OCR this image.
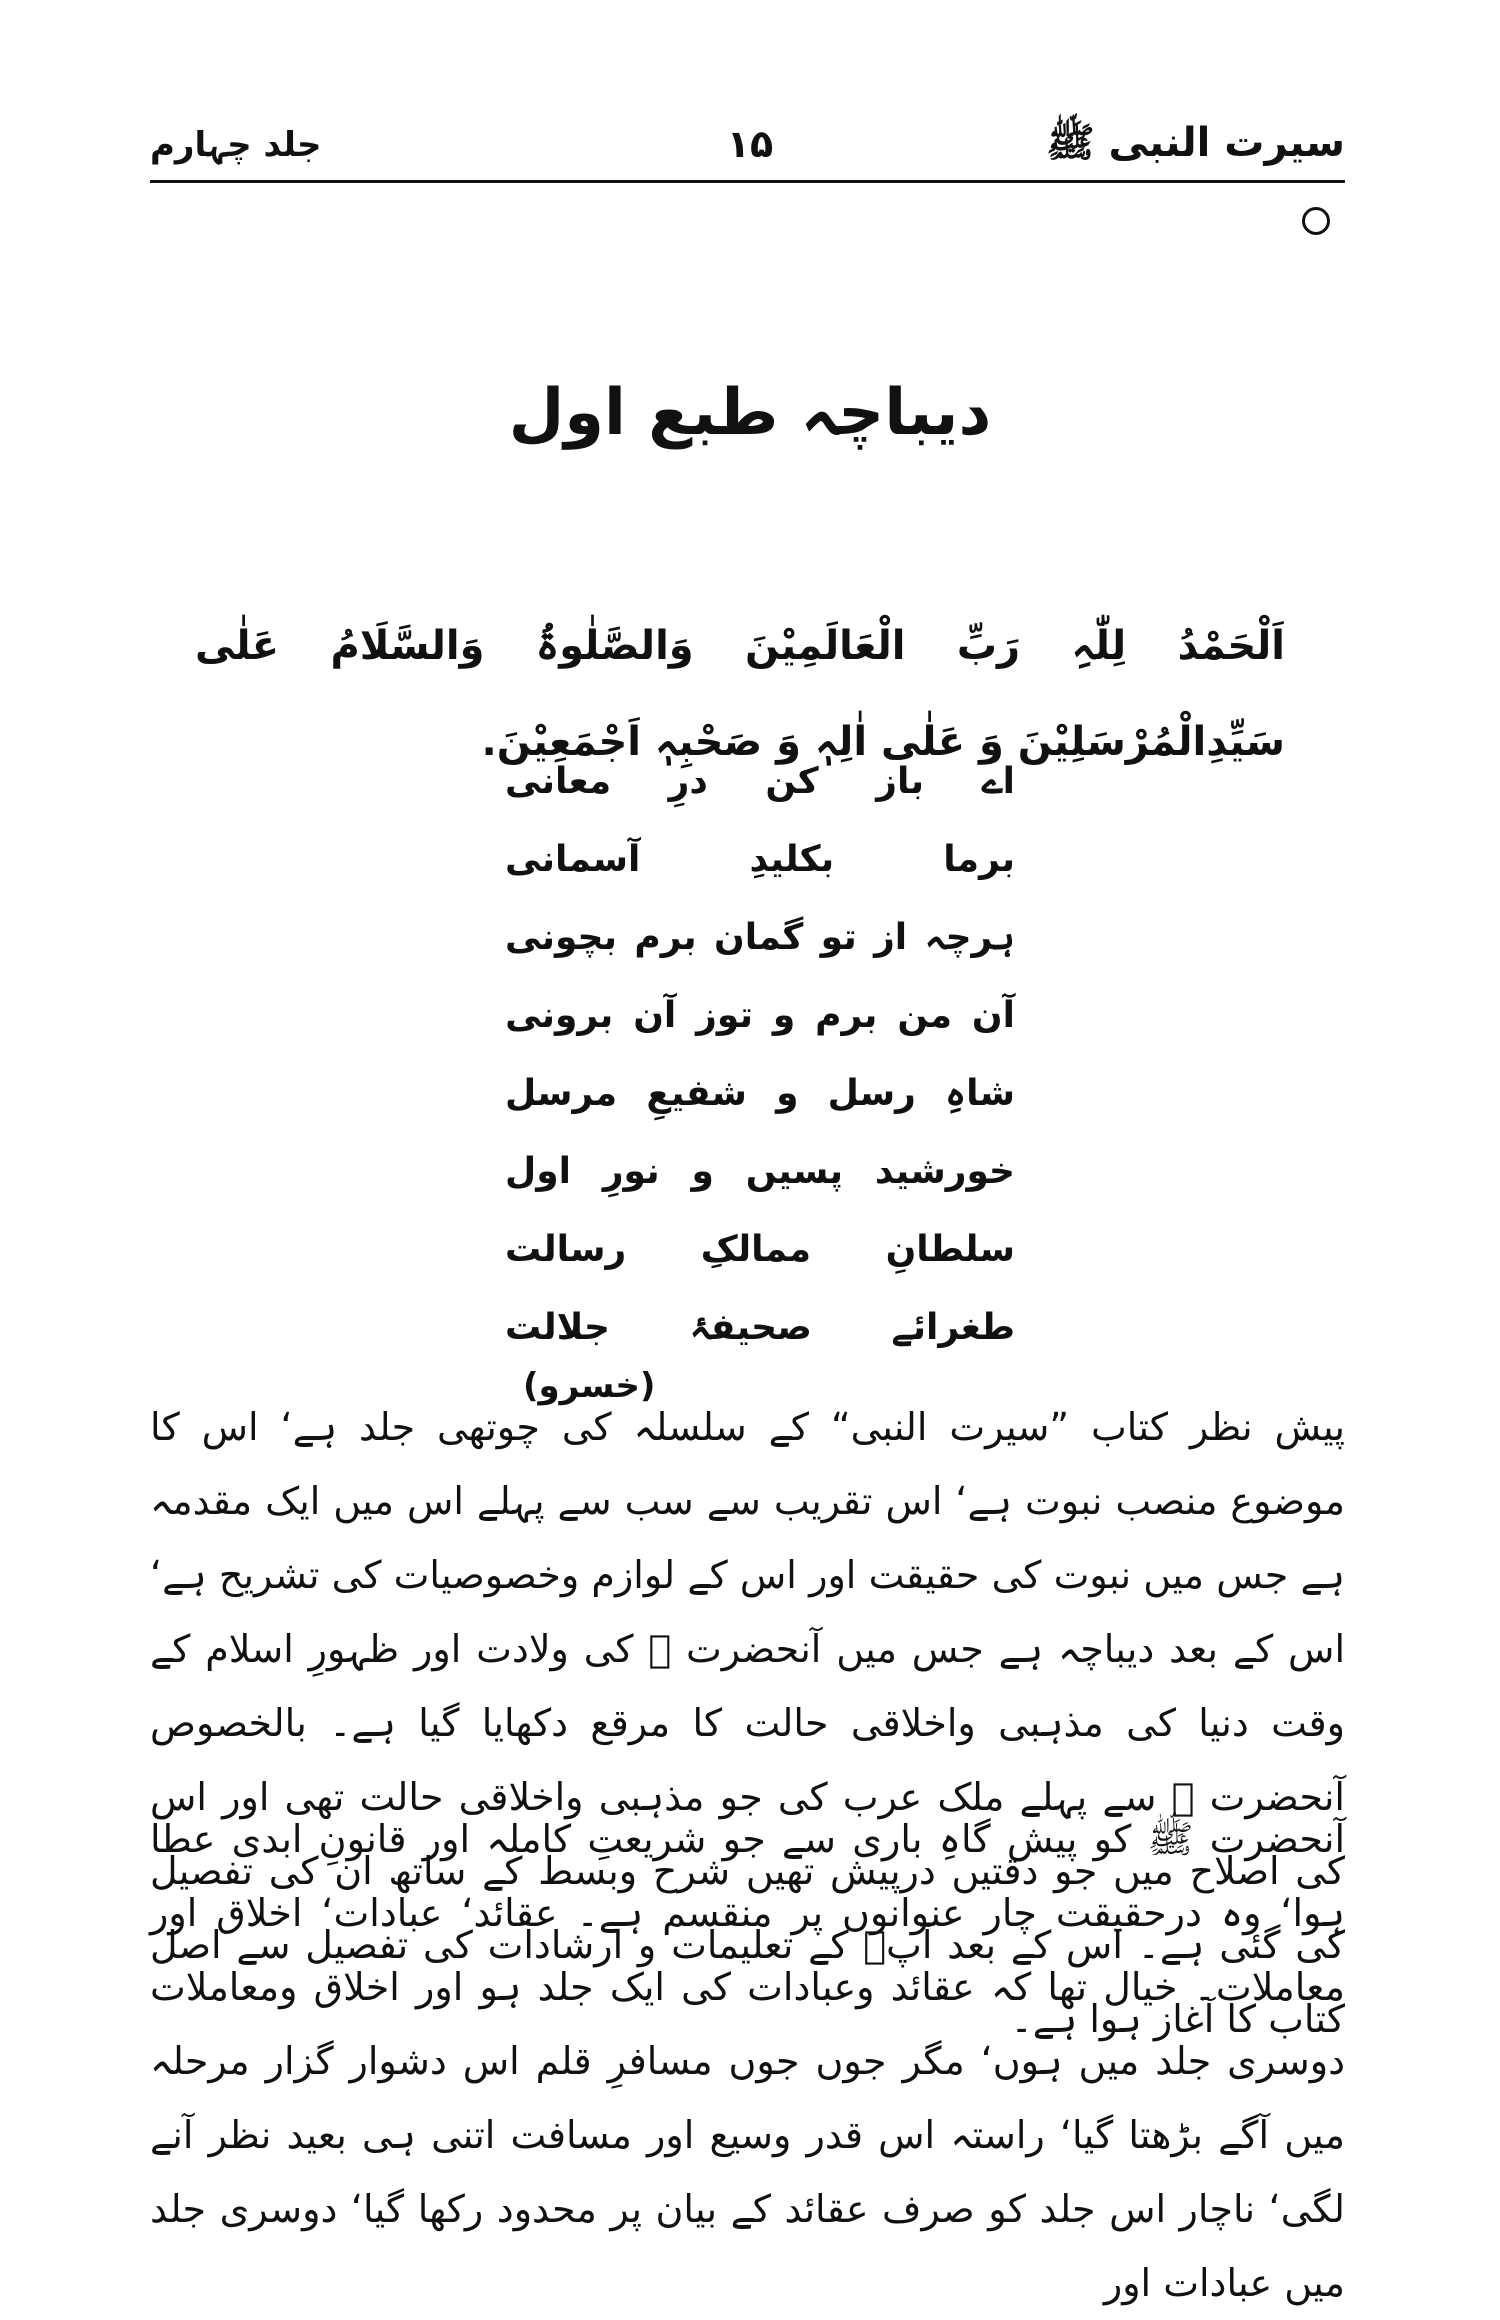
سیرت النبی ﷺ
۱۵
جلد چہارم
دیباچہ طبع اول
اَلْحَمْدُ لِلّٰہِ رَبِّ الْعَالَمِیْنَ وَالصَّلٰوۃُ وَالسَّلَامُ عَلٰی سَیِّدِالْمُرْسَلِیْنَ وَ عَلٰی اٰلِہٖ وَ صَحْبِہٖ اَجْمَعِیْنَ.
اے
باز
کن
درِ
معانی
برما
بکلیدِ
آسمانی
ہرچہ
از
تو
گمان
برم
بچونی
آن
من
برم
و
توز
آن
برونی
شاہِ
رسل
و
شفیعِ
مرسل
خورشید
پسیں
و
نورِ
اول
سلطانِ
ممالکِ
رسالت
طغرائے
صحیفۂ
جلالت
(خسرو)
پیش نظر کتاب ”سیرت النبی“ کے سلسلہ کی چوتھی جلد ہے‘ اس کا موضوع منصب نبوت ہے‘ اس تقریب سے سب سے پہلے اس میں ایک مقدمہ ہے جس میں نبوت کی حقیقت اور اس کے لوازم وخصوصیات کی تشریح ہے‘ اس کے بعد دیباچہ ہے جس میں آنحضرت ﷺ کی ولادت اور ظہورِ اسلام کے وقت دنیا کی مذہبی واخلاقی حالت کا مرقع دکھایا گیا ہے۔ بالخصوص آنحضرت ﷺ سے پہلے ملک عرب کی جو مذہبی واخلاقی حالت تھی اور اس کی اصلاح میں جو دقتیں درپیش تھیں شرح وبسط کے ساتھ ان کی تفصیل کی گئی ہے۔ اس کے بعد آپؐ کے تعلیمات و ارشادات کی تفصیل سے اصل کتاب کا آغاز ہوا ہے۔
آنحضرت ﷺ کو پیش گاہِ باری سے جو شریعتِ کاملہ اور قانونِ ابدی عطا ہوا‘ وہ درحقیقت چار عنوانوں پر منقسم ہے۔ عقائد‘ عبادات‘ اخلاق اور معاملات۔ خیال تھا کہ عقائد وعبادات کی ایک جلد ہو اور اخلاق ومعاملات دوسری جلد میں ہوں‘ مگر جوں جوں مسافرِ قلم اس دشوار گزار مرحلہ میں آگے بڑھتا گیا‘ راستہ اس قدر وسیع اور مسافت اتنی ہی بعید نظر آنے لگی‘ ناچار اس جلد کو صرف عقائد کے بیان پر محدود رکھا گیا‘ دوسری جلد میں عبادات اور
